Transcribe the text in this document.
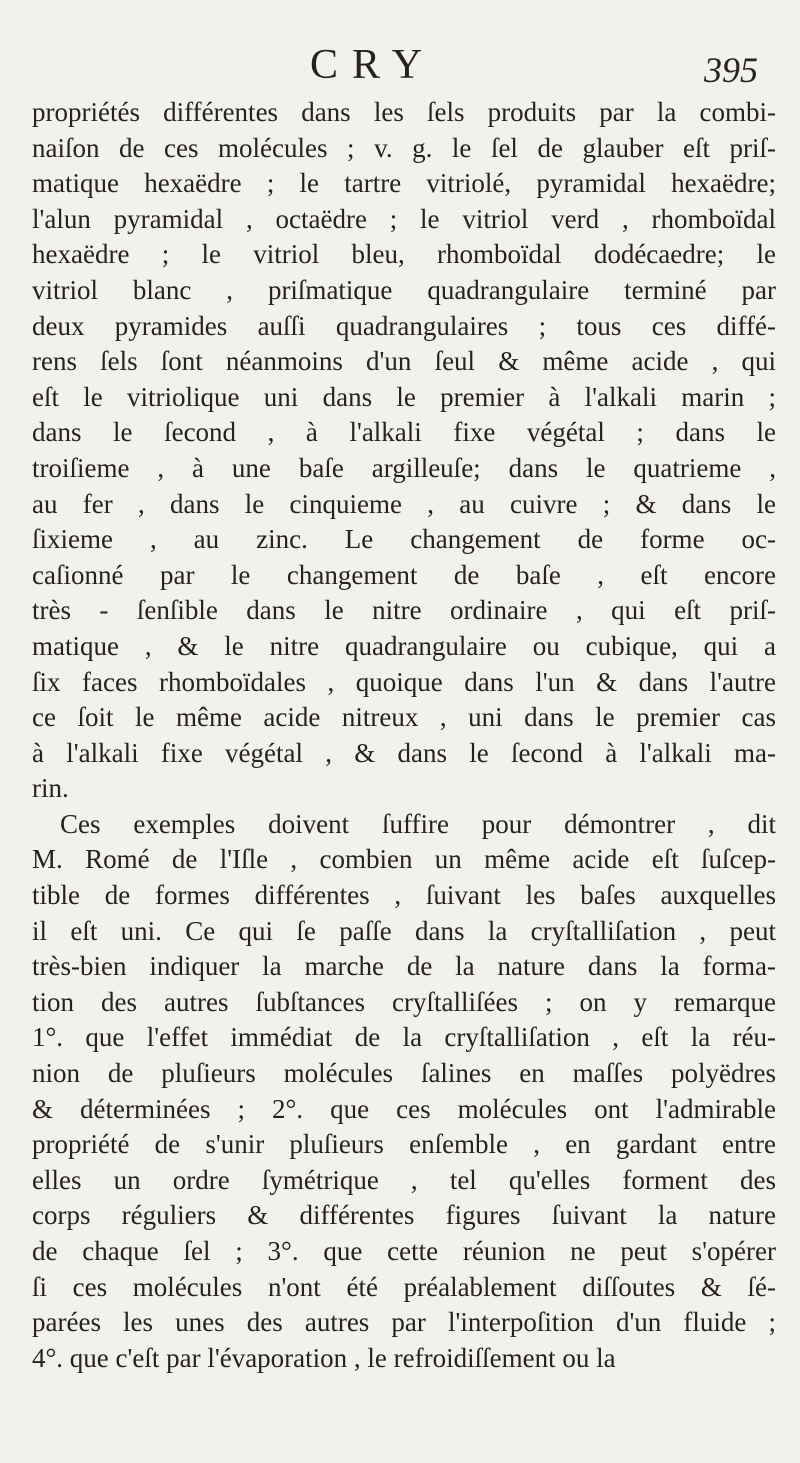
CRY	395
propriétés différentes dans les ſels produits par la combi-
naiſon de ces molécules ; v. g. le ſel de glauber eſt priſ-
matique hexaëdre ; le tartre vitriolé, pyramidal hexaëdre;
l'alun pyramidal , octaëdre ; le vitriol verd , rhomboïdal
hexaëdre ; le vitriol bleu, rhomboïdal dodécaedre; le
vitriol blanc , priſmatique quadrangulaire terminé par
deux pyramides auſſi quadrangulaires ; tous ces diffé-
rens ſels ſont néanmoins d'un ſeul & même acide , qui
eſt le vitriolique uni dans le premier à l'alkali marin ;
dans le ſecond , à l'alkali fixe végétal ; dans le
troiſieme , à une baſe argilleuſe; dans le quatrieme ,
au fer , dans le cinquieme , au cuivre ; & dans le
ſixieme , au zinc. Le changement de forme oc-
caſionné par le changement de baſe , eſt encore
très - ſenſible dans le nitre ordinaire , qui eſt priſ-
matique , & le nitre quadrangulaire ou cubique, qui a
ſix faces rhomboïdales , quoique dans l'un & dans l'autre
ce ſoit le même acide nitreux , uni dans le premier cas
à l'alkali fixe végétal , & dans le ſecond à l'alkali ma-
rin.
Ces exemples doivent ſuffire pour démontrer , dit
M. Romé de l'Iſle , combien un même acide eſt ſuſcep-
tible de formes différentes , ſuivant les baſes auxquelles
il eſt uni. Ce qui ſe paſſe dans la cryſtalliſation , peut
très-bien indiquer la marche de la nature dans la forma-
tion des autres ſubſtances cryſtalliſées ; on y remarque
1°. que l'effet immédiat de la cryſtalliſation , eſt la réu-
nion de pluſieurs molécules ſalines en maſſes polyëdres
& déterminées ; 2°. que ces molécules ont l'admirable
propriété de s'unir pluſieurs enſemble , en gardant entre
elles un ordre ſymétrique , tel qu'elles forment des
corps réguliers & différentes figures ſuivant la nature
de chaque ſel ; 3°. que cette réunion ne peut s'opérer
ſi ces molécules n'ont été préalablement diſſoutes & ſé-
parées les unes des autres par l'interpoſition d'un fluide ;
4°. que c'eſt par l'évaporation , le refroidiſſement ou la
